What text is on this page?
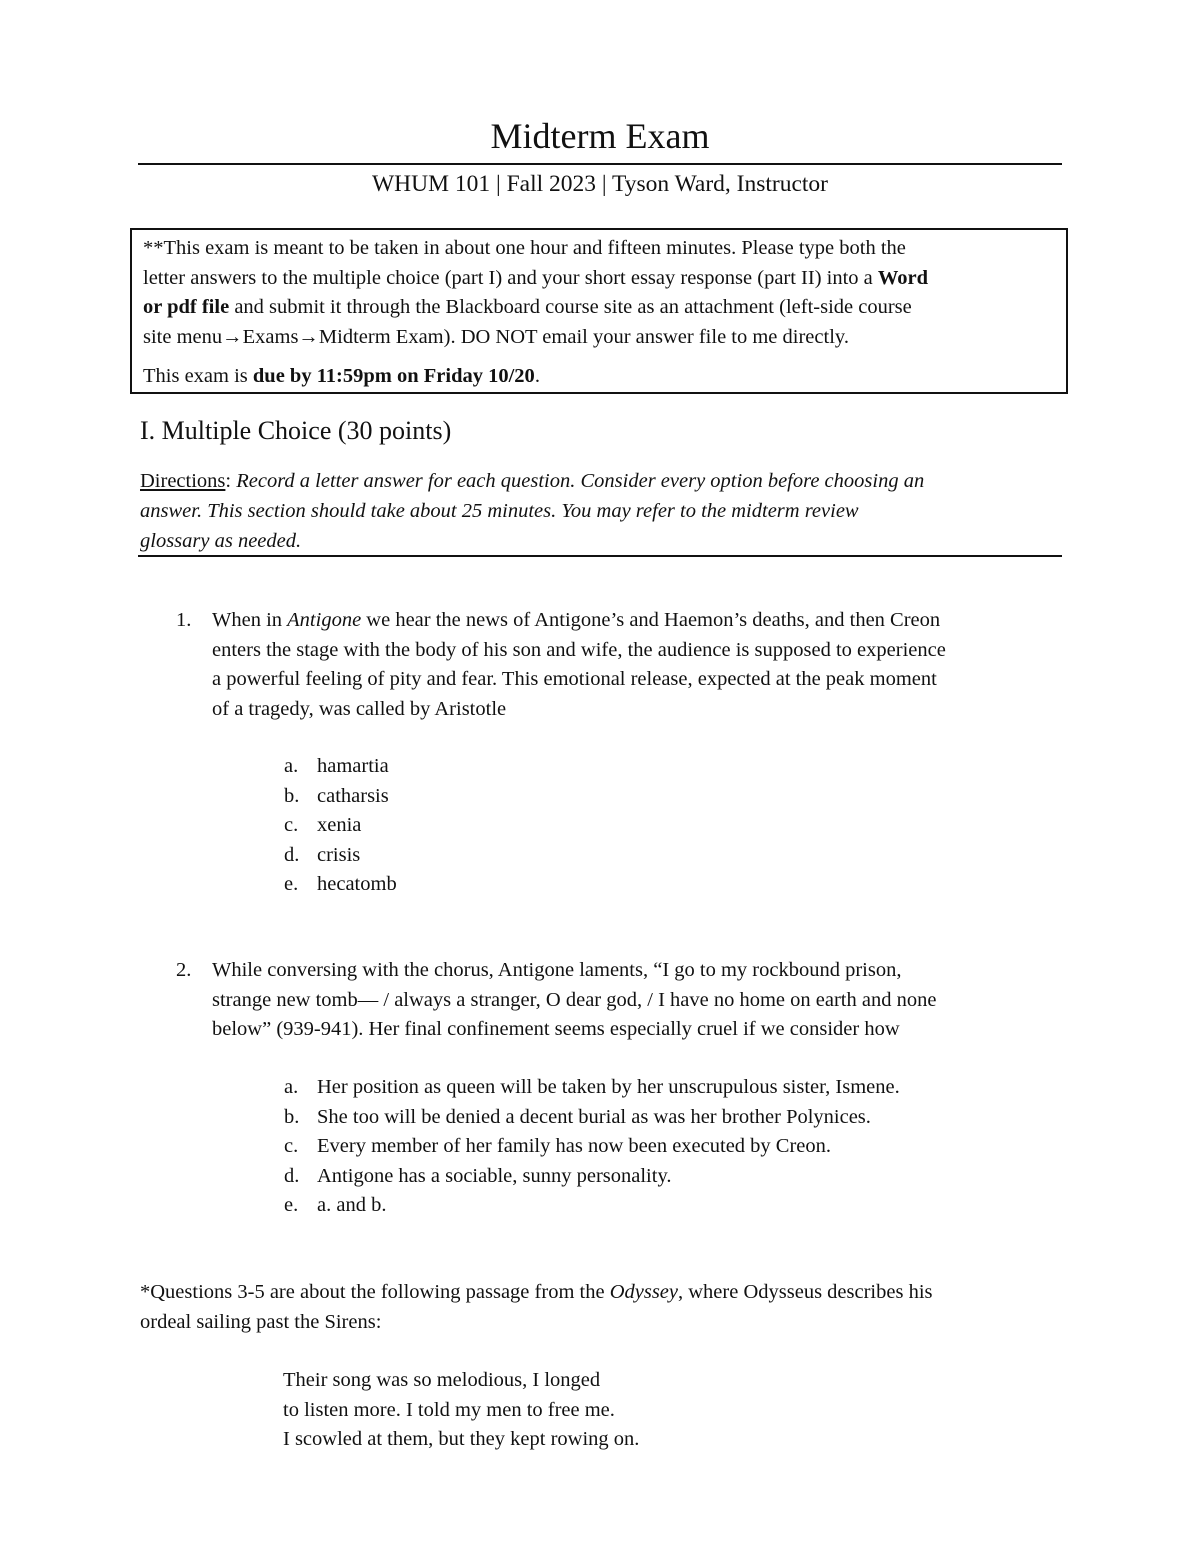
Midterm Exam
WHUM 101 | Fall 2023 | Tyson Ward, Instructor

**This exam is meant to be taken in about one hour and fifteen minutes. Please type both the

letter answers to the multiple choice (part I) and your short essay response (part II) into a Word

or pdf file and submit it through the Blackboard course site as an attachment (left-side course

site menu→Exams→Midterm Exam). DO NOT email your answer file to me directly.

This exam is due by 11:59pm on Friday 10/20.

I. Multiple Choice (30 points)
Directions: Record a letter answer for each question. Consider every option before choosing an
answer. This section should take about 25 minutes. You may refer to the midterm review
glossary as needed.
1. When in Antigone we hear the news of Antigone’s and Haemon’s deaths, and then Creon
enters the stage with the body of his son and wife, the audience is supposed to experience
a powerful feeling of pity and fear. This emotional release, expected at the peak moment
of a tragedy, was called by Aristotle
a. hamartia
b. catharsis
c. xenia
d. crisis
e. hecatomb
2. While conversing with the chorus, Antigone laments, “I go to my rockbound prison,
strange new tomb— / always a stranger, O dear god, / I have no home on earth and none
below” (939-941). Her final confinement seems especially cruel if we consider how
a. Her position as queen will be taken by her unscrupulous sister, Ismene.
b. She too will be denied a decent burial as was her brother Polynices.
c. Every member of her family has now been executed by Creon.
d. Antigone has a sociable, sunny personality.
e. a. and b.
*Questions 3-5 are about the following passage from the Odyssey, where Odysseus describes his
ordeal sailing past the Sirens:
Their song was so melodious, I longed
to listen more. I told my men to free me.
I scowled at them, but they kept rowing on.
